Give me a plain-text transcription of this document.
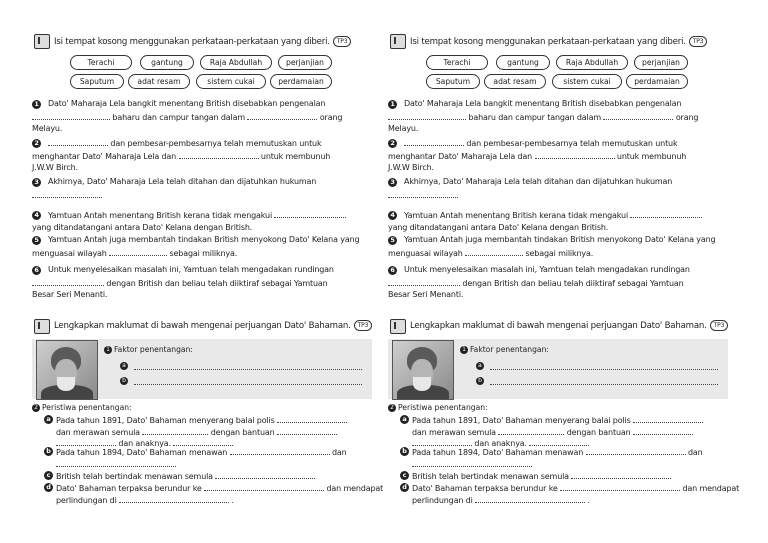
Isi tempat kosong menggunakan perkataan-perkataan yang diberi. TP3
Terachi	gantung	Raja Abdullah	perjanjian
Saputum	adat resam	sistem cukai	perdamaian
1 Dato' Maharaja Lela bangkit menentang British disebabkan pengenalan
baharu dan campur tangan dalam	orang
Melayu.
2	dan pembesar-pembesarnya telah memutuskan untuk
menghantar Dato' Maharaja Lela dan	untuk membunuh
J.W.W Birch.
3 Akhirnya, Dato' Maharaja Lela telah ditahan dan dijatuhkan hukuman
4 Yamtuan Antah menentang British kerana tidak mengakui
yang ditandatangani antara Dato' Kelana dengan British.
5 Yamtuan Antah juga membantah tindakan British menyokong Dato' Kelana yang
menguasai wilayah	sebagai miliknya.
6 Untuk menyelesaikan masalah ini, Yamtuan telah mengadakan rundingan
dengan British dan beliau telah diiktiraf sebagai Yamtuan
Besar Seri Menanti.
Lengkapkan maklumat di bawah mengenai perjuangan Dato' Bahaman. TP3
1 Faktor penentangan:
a
b
2 Peristiwa penentangan:
a Pada tahun 1891, Dato' Bahaman menyerang balai polis
dan merawan semula	dengan bantuan
dan anaknya.
b Pada tahun 1894, Dato' Bahaman menawan	dan
c British telah bertindak menawan semula
d Dato' Bahaman terpaksa berundur ke	dan mendapat
perlindungan di	.
Isi tempat kosong menggunakan perkataan-perkataan yang diberi. TP3
Terachi	gantung	Raja Abdullah	perjanjian
Saputum	adat resam	sistem cukai	perdamaian
1 Dato' Maharaja Lela bangkit menentang British disebabkan pengenalan
baharu dan campur tangan dalam	orang
Melayu.
2	dan pembesar-pembesarnya telah memutuskan untuk
menghantar Dato' Maharaja Lela dan	untuk membunuh
J.W.W Birch.
3 Akhirnya, Dato' Maharaja Lela telah ditahan dan dijatuhkan hukuman
4 Yamtuan Antah menentang British kerana tidak mengakui
yang ditandatangani antara Dato' Kelana dengan British.
5 Yamtuan Antah juga membantah tindakan British menyokong Dato' Kelana yang
menguasai wilayah	sebagai miliknya.
6 Untuk menyelesaikan masalah ini, Yamtuan telah mengadakan rundingan
dengan British dan beliau telah diiktiraf sebagai Yamtuan
Besar Seri Menanti.
Lengkapkan maklumat di bawah mengenai perjuangan Dato' Bahaman. TP3
1 Faktor penentangan:
a
b
2 Peristiwa penentangan:
a Pada tahun 1891, Dato' Bahaman menyerang balai polis
dan merawan semula	dengan bantuan
dan anaknya.
b Pada tahun 1894, Dato' Bahaman menawan	dan
c British telah bertindak menawan semula
d Dato' Bahaman terpaksa berundur ke	dan mendapat
perlindungan di	.
